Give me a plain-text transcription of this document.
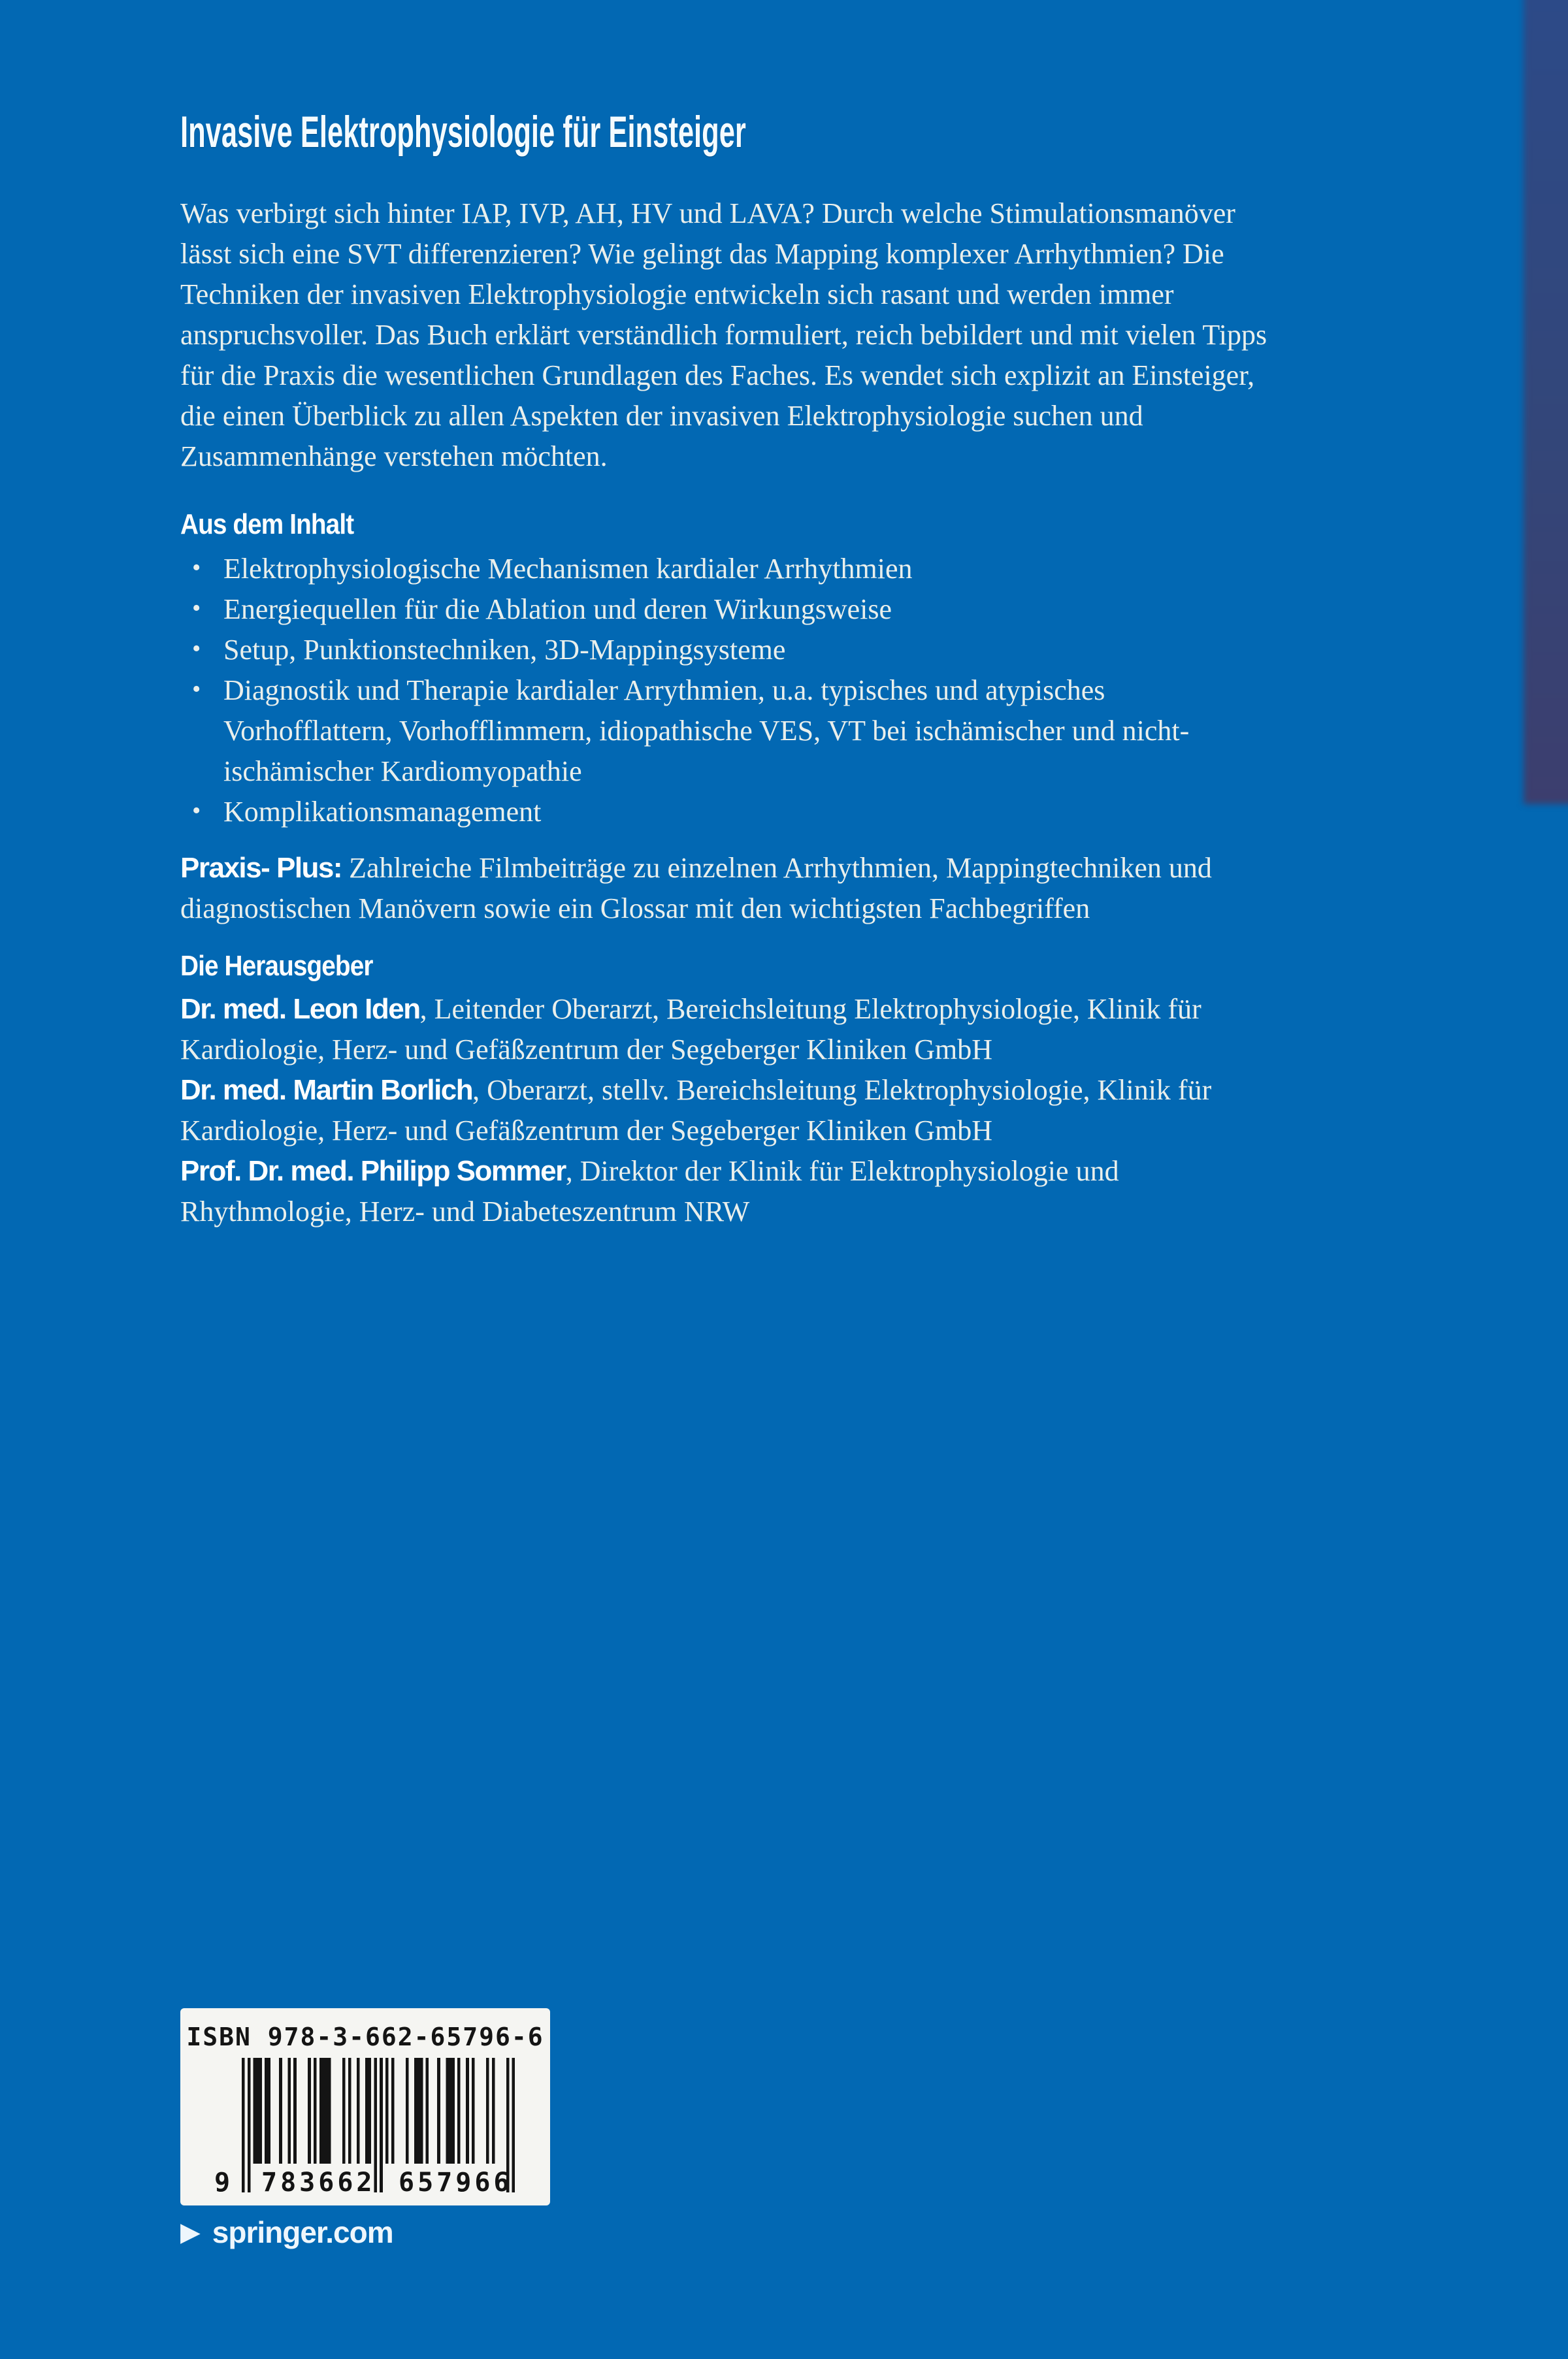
Invasive Elektrophysiologie für Einsteiger

Was verbirgt sich hinter IAP, IVP, AH, HV und LAVA? Durch welche Stimulationsmanöver lässt sich eine SVT differenzieren? Wie gelingt das Mapping komplexer Arrhythmien? Die Techniken der invasiven Elektrophysiologie entwickeln sich rasant und werden immer anspruchsvoller. Das Buch erklärt verständlich formuliert, reich bebildert und mit vielen Tipps für die Praxis die wesentlichen Grundlagen des Faches. Es wendet sich explizit an Einsteiger, die einen Überblick zu allen Aspekten der invasiven Elektrophysiologie suchen und Zusammenhänge verstehen möchten.

Aus dem Inhalt
• Elektrophysiologische Mechanismen kardialer Arrhythmien
• Energiequellen für die Ablation und deren Wirkungsweise
• Setup, Punktionstechniken, 3D-Mappingsysteme
• Diagnostik und Therapie kardialer Arrythmien, u.a. typisches und atypisches Vorhofflattern, Vorhofflimmern, idiopathische VES, VT bei ischämischer und nicht-ischämischer Kardiomyopathie
• Komplikationsmanagement

Praxis- Plus: Zahlreiche Filmbeiträge zu einzelnen Arrhythmien, Mappingtechniken und diagnostischen Manövern sowie ein Glossar mit den wichtigsten Fachbegriffen

Die Herausgeber

Dr. med. Leon Iden, Leitender Oberarzt, Bereichsleitung Elektrophysiologie, Klinik für Kardiologie, Herz- und Gefäßzentrum der Segeberger Kliniken GmbH

Dr. med. Martin Borlich, Oberarzt, stellv. Bereichsleitung Elektrophysiologie, Klinik für Kardiologie, Herz- und Gefäßzentrum der Segeberger Kliniken GmbH

Prof. Dr. med. Philipp Sommer, Direktor der Klinik für Elektrophysiologie und Rhythmologie, Herz- und Diabeteszentrum NRW

ISBN 978-3-662-65796-6
9 783662 657966
▶ springer.com
